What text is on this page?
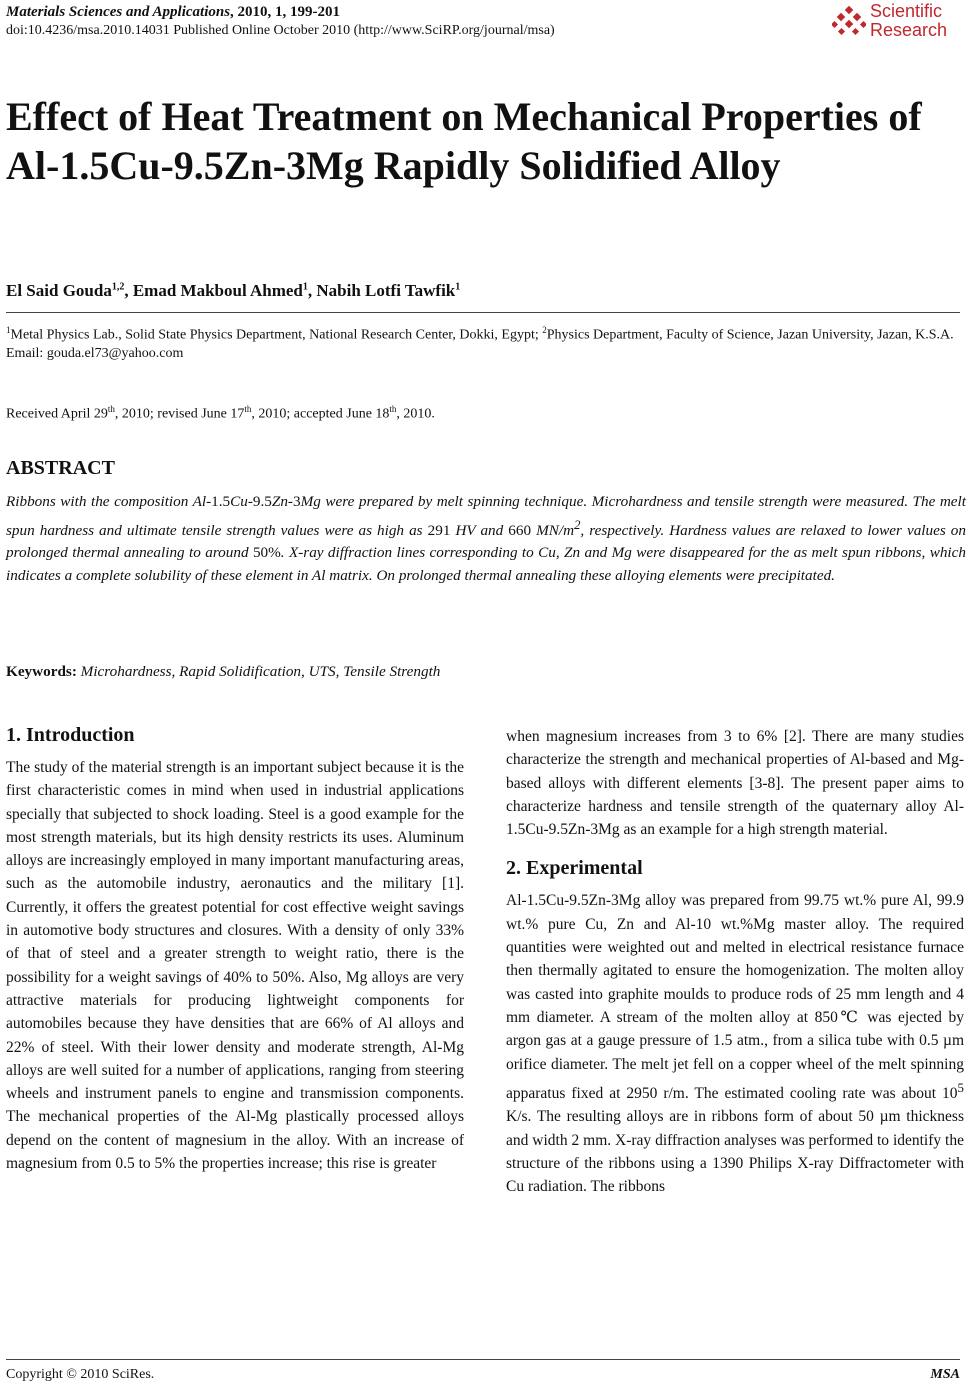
Materials Sciences and Applications, 2010, 1, 199-201
doi:10.4236/msa.2010.14031 Published Online October 2010 (http://www.SciRP.org/journal/msa)
Scientific
Research
Effect of Heat Treatment on Mechanical Properties of Al-1.5Cu-9.5Zn-3Mg Rapidly Solidified Alloy
El Said Gouda$^{1,2}$, Emad Makboul Ahmed$^1$, Nabih Lotfi Tawfik$^1$
$^1$Metal Physics Lab., Solid State Physics Department, National Research Center, Dokki, Egypt; $^2$Physics Department, Faculty of Science, Jazan University, Jazan, K.S.A.
Email: gouda.el73@yahoo.com
Received April 29th, 2010; revised June 17th, 2010; accepted June 18th, 2010.
ABSTRACT

Ribbons with the composition Al-1.5Cu-9.5Zn-3Mg were prepared by melt spinning technique. Microhardness and tensile strength were measured. The melt spun hardness and ultimate tensile strength values were as high as 291 HV and 660 $MN/m^2$, respectively. Hardness values are relaxed to lower values on prolonged thermal annealing to around 50%. X-ray diffraction lines corresponding to Cu, Zn and Mg were disappeared for the as melt spun ribbons, which indicates a complete solubility of these element in Al matrix. On prolonged thermal annealing these alloying elements were precipitated.

Keywords: Microhardness, Rapid Solidification, UTS, Tensile Strength
1. Introduction

The study of the material strength is an important subject because it is the first characteristic comes in mind when used in industrial applications specially that subjected to shock loading. Steel is a good example for the most strength materials, but its high density restricts its uses. Aluminum alloys are increasingly employed in many important manufacturing areas, such as the automobile industry, aeronautics and the military [1]. Currently, it offers the greatest potential for cost effective weight savings in automotive body structures and closures. With a density of only 33% of that of steel and a greater strength to weight ratio, there is the possibility for a weight savings of 40% to 50%. Also, Mg alloys are very attractive materials for producing lightweight components for automobiles because they have densities that are 66% of Al alloys and 22% of steel. With their lower density and moderate strength, Al-Mg alloys are well suited for a number of applications, ranging from steering wheels and instrument panels to engine and transmission components. The mechanical properties of the Al-Mg plastically processed alloys depend on the content of magnesium in the alloy. With an increase of magnesium from 0.5 to 5% the properties increase; this rise is greater

when magnesium increases from 3 to 6% [2]. There are many studies characterize the strength and mechanical properties of Al-based and Mg-based alloys with different elements [3-8]. The present paper aims to characterize hardness and tensile strength of the quaternary alloy Al-1.5Cu-9.5Zn-3Mg as an example for a high strength material.

2. Experimental

Al-1.5Cu-9.5Zn-3Mg alloy was prepared from 99.75 wt.% pure Al, 99.9 wt.% pure Cu, Zn and Al-10 wt.%Mg master alloy. The required quantities were weighted out and melted in electrical resistance furnace then thermally agitated to ensure the homogenization. The molten alloy was casted into graphite moulds to produce rods of 25 mm length and 4 mm diameter. A stream of the molten alloy at 850℃ was ejected by argon gas at a gauge pressure of 1.5 atm., from a silica tube with 0.5 µm orifice diameter. The melt jet fell on a copper wheel of the melt spinning apparatus fixed at 2950 r/m. The estimated cooling rate was about $10^5$ K/s. The resulting alloys are in ribbons form of about 50 µm thickness and width 2 mm. X-ray diffraction analyses was performed to identify the structure of the ribbons using a 1390 Philips X-ray Diffractometer with Cu radiation. The ribbons

Copyright © 2010 SciRes.	MSA
